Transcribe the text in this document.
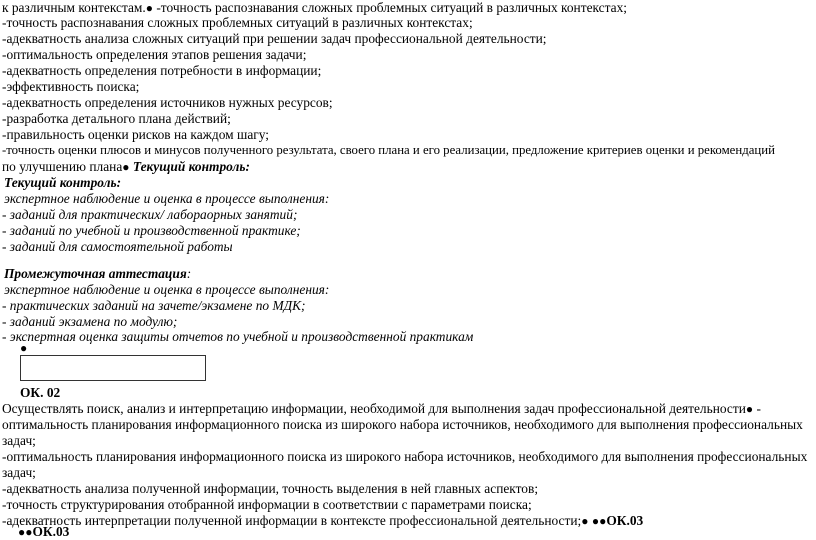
к различным контекстам.● -точность распознавания сложных проблемных ситуаций в различных контекстах;
-точность распознавания сложных проблемных ситуаций в различных контекстах;
-адекватность анализа сложных ситуаций при решении задач профессиональной деятельности;
-оптимальность определения этапов решения задачи;
-адекватность определения потребности в информации;
-эффективность поиска;
-адекватность определения источников нужных ресурсов;
-разработка детального плана действий;
-правильность оценки рисков на каждом шагу;
-точность оценки плюсов и минусов полученного результата, своего плана и его реализации, предложение критериев оценки и рекомендаций
по улучшению плана● Текущий контроль:
Текущий контроль:
экспертное наблюдение и оценка в процессе выполнения:
- заданий для практических/ лабораорных занятий;
- заданий по учебной и производственной практике;
- заданий для самостоятельной работы
Промежуточная аттестация:
экспертное наблюдение и оценка в процессе выполнения:
- практических заданий на зачете/экзамене по МДК;
- заданий экзамена по модулю;
- экспертная оценка защиты отчетов по учебной и производственной практикам
●
ОК. 02
Осуществлять поиск, анализ и интерпретацию информации, необходимой для выполнения задач профессиональной деятельности● -
оптимальность планирования информационного поиска из широкого набора источников, необходимого для выполнения профессиональных
задач;
-оптимальность планирования информационного поиска из широкого набора источников, необходимого для выполнения профессиональных
задач;
-адекватность анализа полученной информации, точность выделения в ней главных аспектов;
-точность структурирования отобранной информации в соответствии с параметрами поиска;
-адекватность интерпретации полученной информации в контексте профессиональной деятельности;● ●●ОК.03
●●ОК.03
